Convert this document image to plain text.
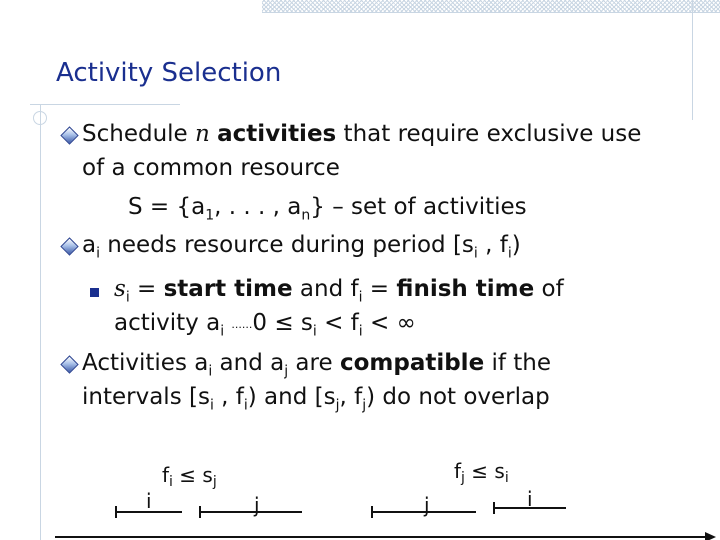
Activity Selection
Schedule n activities that require exclusive use
of a common resource
$S = \{a_1$, . . . , $a_n$} – set of activities
$a_i$ needs resource during period [$s_i$ , $f_i$)
$s_i$ = start time and $f_i$ = finish time of
activity $a_i$ $......0 \le s_i < f_i$ < ∞
Activities $a_i$ and $a_j$ are compatible if the
intervals [$s_i$ , $f_i$) and [$s_j$, $f_j$) do not overlap
$f_i \le s_j$
i	j
$f_j \le s_i$
j	i
